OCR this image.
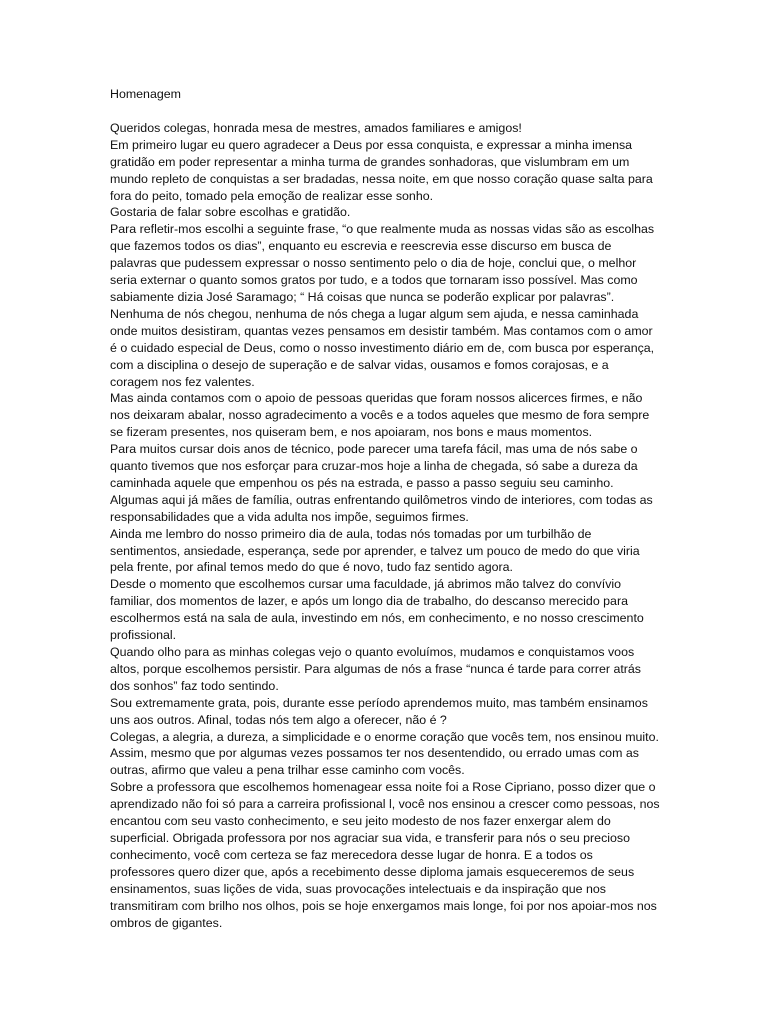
Homenagem

Queridos colegas, honrada mesa de mestres, amados familiares e amigos!

Em primeiro lugar eu quero agradecer a Deus por essa conquista, e expressar a minha imensa gratidão em poder representar a minha turma de grandes sonhadoras, que vislumbram em um mundo repleto de conquistas a ser bradadas, nessa noite, em que nosso coração quase salta para fora do peito, tomado pela emoção de realizar esse sonho.

Gostaria de falar sobre escolhas e gratidão.

Para refletir-mos escolhi a seguinte frase, “o que realmente muda as nossas vidas são as escolhas que fazemos todos os dias”, enquanto eu escrevia e reescrevia esse discurso em busca de palavras que pudessem expressar o nosso sentimento pelo o dia de hoje, conclui que, o melhor seria externar o quanto somos gratos por tudo, e a todos que tornaram isso possível. Mas como sabiamente dizia José Saramago; “ Há coisas que nunca se poderão explicar por palavras”.

Nenhuma de nós chegou, nenhuma de nós chega a lugar algum sem ajuda, e nessa caminhada onde muitos desistiram, quantas vezes pensamos em desistir também. Mas contamos com o amor é o cuidado especial de Deus, como o nosso investimento diário em de, com busca por esperança, com a disciplina o desejo de superação e de salvar vidas, ousamos e fomos corajosas, e a coragem nos fez valentes.

Mas ainda contamos com o apoio de pessoas queridas que foram nossos alicerces firmes, e não nos deixaram abalar, nosso agradecimento a vocês e a todos aqueles que mesmo de fora sempre se fizeram presentes, nos quiseram bem, e nos apoiaram, nos bons e maus momentos.

Para muitos cursar dois anos de técnico, pode parecer uma tarefa fácil, mas uma de nós sabe o quanto tivemos que nos esforçar para cruzar-mos hoje a linha de chegada, só sabe a dureza da caminhada aquele que empenhou os pés na estrada, e passo a passo seguiu seu caminho.

Algumas aqui já mães de família, outras enfrentando quilômetros vindo de interiores, com todas as responsabilidades que a vida adulta nos impõe, seguimos firmes.

Ainda me lembro do nosso primeiro dia de aula, todas nós tomadas por um turbilhão de sentimentos, ansiedade, esperança, sede por aprender, e talvez um pouco de medo do que viria pela frente, por afinal temos medo do que é novo, tudo faz sentido agora.

Desde o momento que escolhemos cursar uma faculdade, já abrimos mão talvez do convívio familiar, dos momentos de lazer, e após um longo dia de trabalho, do descanso merecido para escolhermos está na sala de aula, investindo em nós, em conhecimento, e no nosso crescimento profissional.

Quando olho para as minhas colegas vejo o quanto evoluímos, mudamos e conquistamos voos altos, porque escolhemos persistir. Para algumas de nós a frase “nunca é tarde para correr atrás dos sonhos” faz todo sentindo.

Sou extremamente grata, pois, durante esse período aprendemos muito, mas também ensinamos uns aos outros. Afinal, todas nós tem algo a oferecer, não é ?

Colegas, a alegria, a dureza, a simplicidade e o enorme coração que vocês tem, nos ensinou muito. Assim, mesmo que por algumas vezes possamos ter nos desentendido, ou errado umas com as outras, afirmo que valeu a pena trilhar esse caminho com vocês.

Sobre a professora que escolhemos homenagear essa noite foi a Rose Cipriano, posso dizer que o aprendizado não foi só para a carreira profissional l, você nos ensinou a crescer como pessoas, nos encantou com seu vasto conhecimento, e seu jeito modesto de nos fazer enxergar alem do superficial. Obrigada professora por nos agraciar sua vida, e transferir para nós o seu precioso conhecimento, você com certeza se faz merecedora desse lugar de honra. E a todos os professores quero dizer que, após a recebimento desse diploma jamais esqueceremos de seus ensinamentos, suas lições de vida, suas provocações intelectuais e da inspiração que nos transmitiram com brilho nos olhos, pois se hoje enxergamos mais longe, foi por nos apoiar-mos nos ombros de gigantes.
